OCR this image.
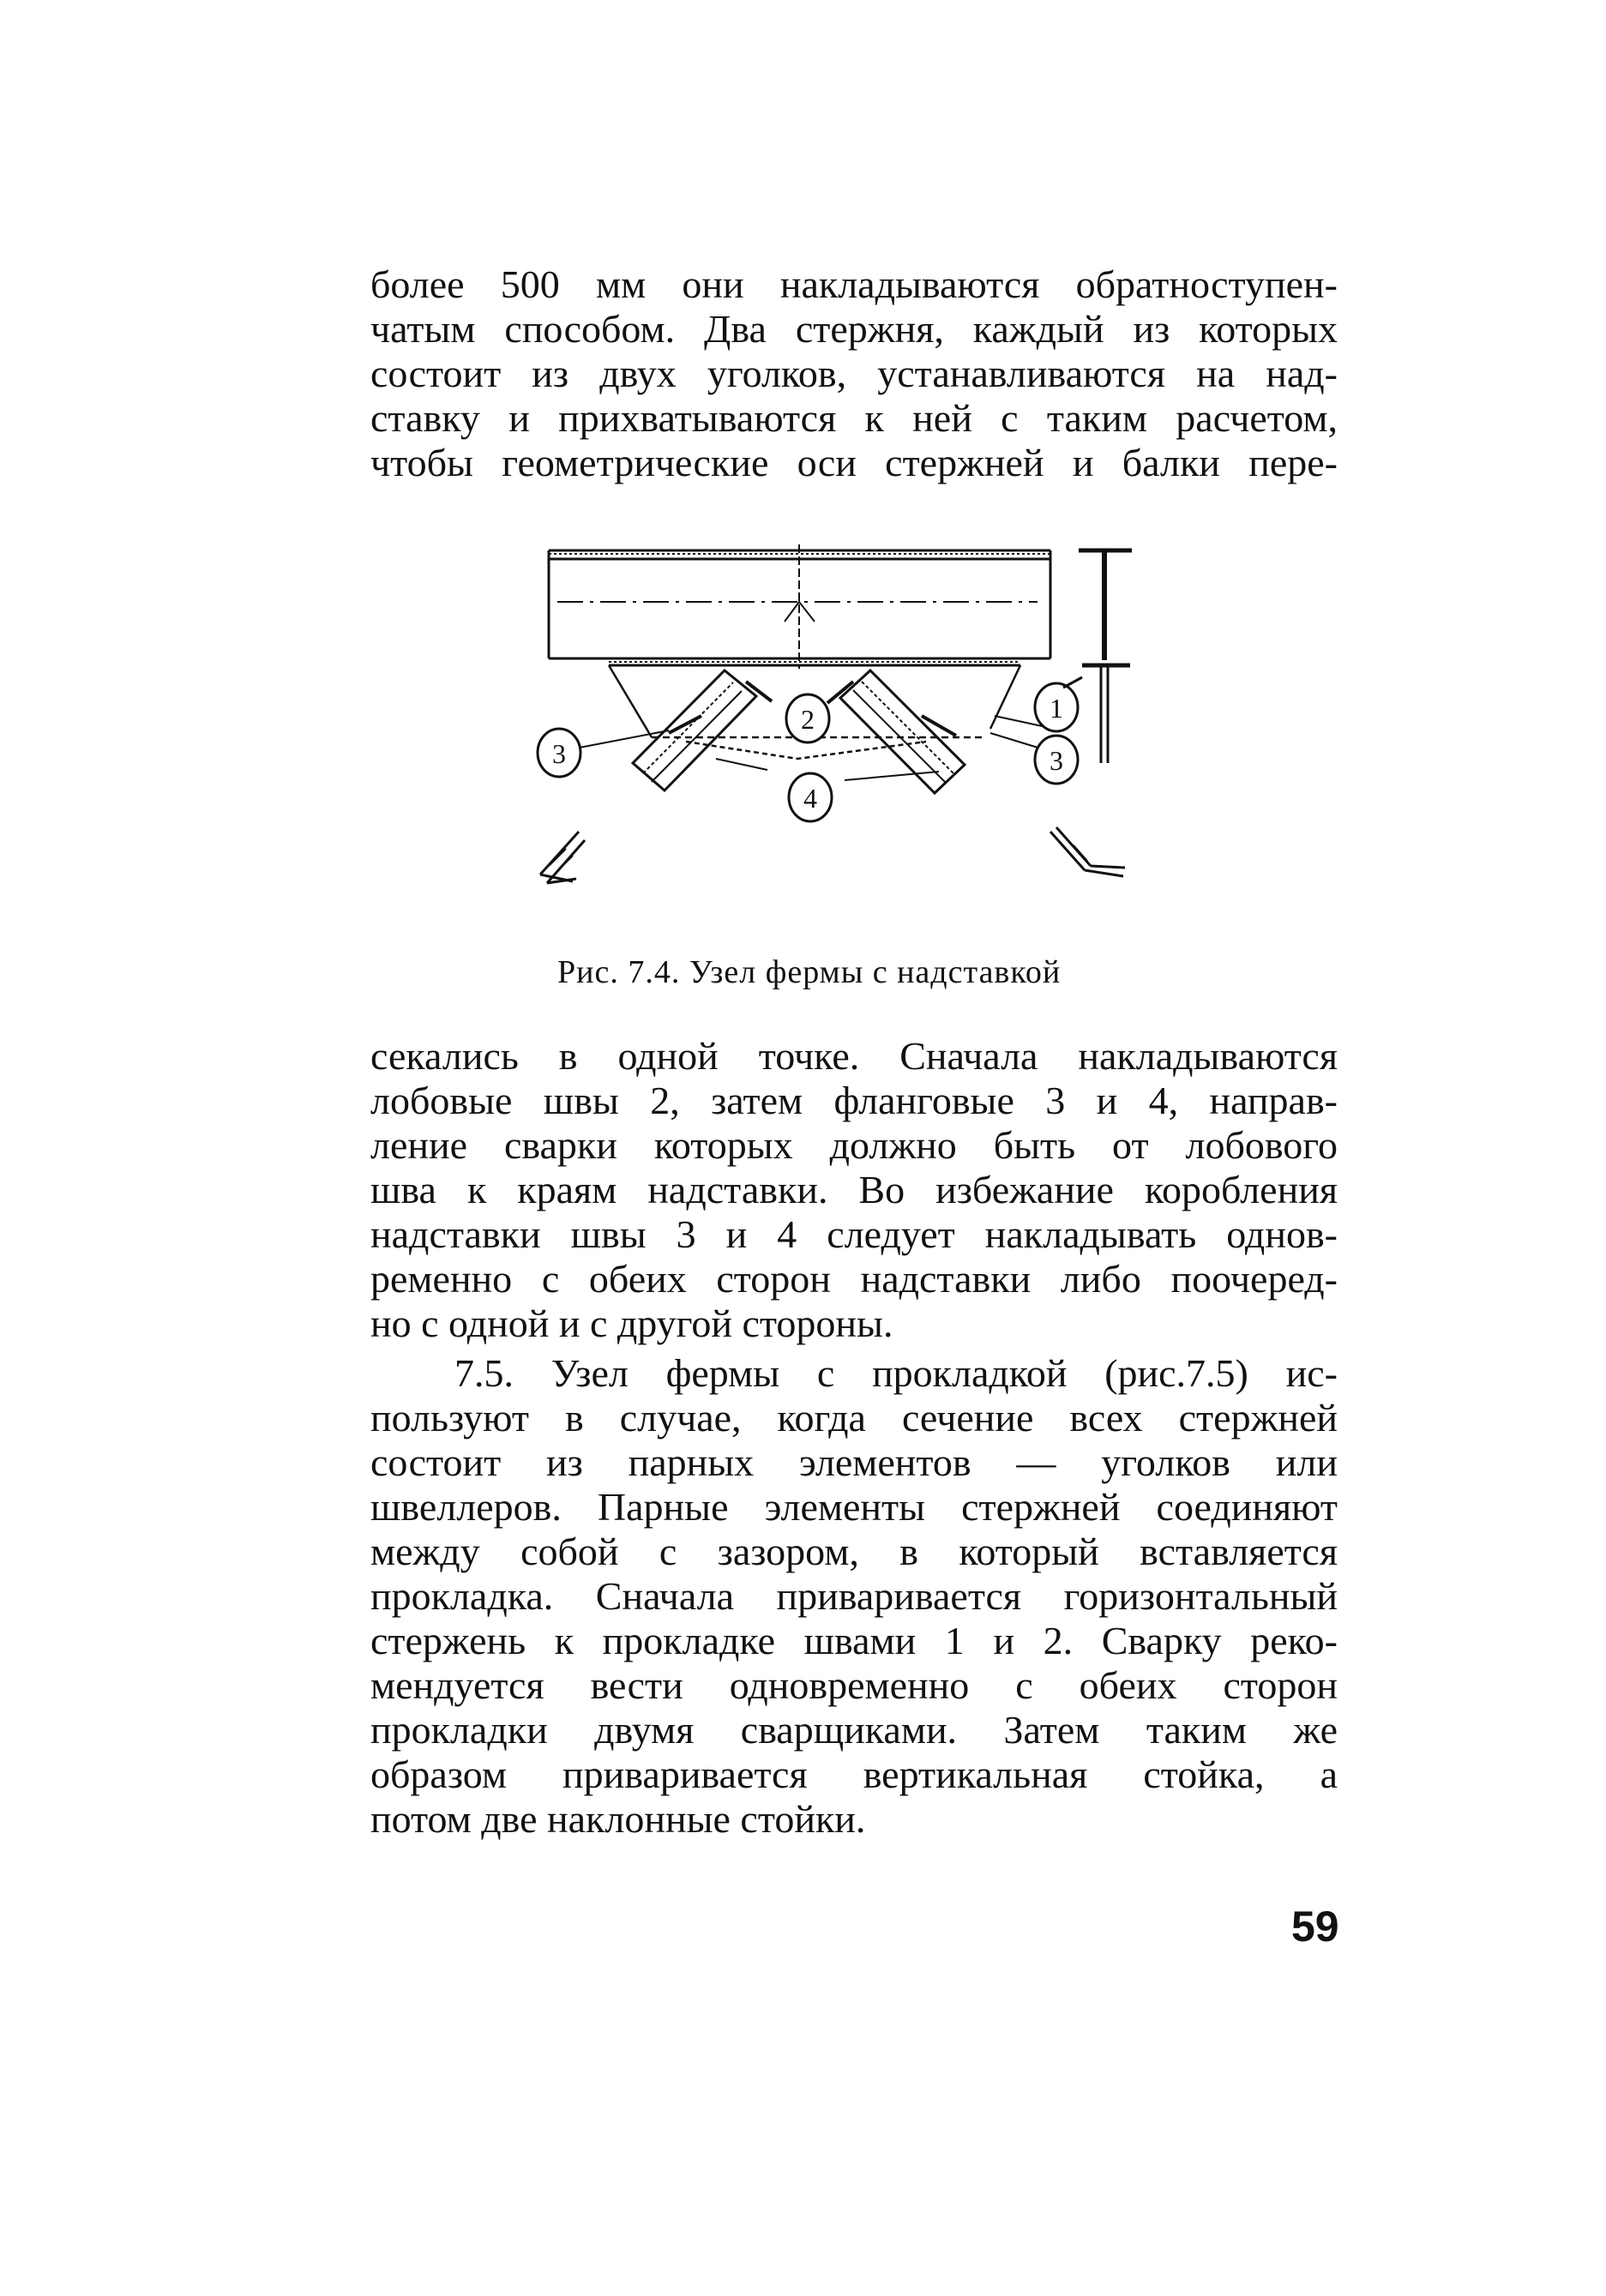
более 500 мм они накладываются обратноступен-
чатым способом. Два стержня, каждый из которых
состоит из двух уголков, устанавливаются на над-
ставку и прихватываются к ней с таким расчетом,
чтобы геометрические оси стержней и балки пере-
3
2
4
1
3
Рис. 7.4. Узел фермы с надставкой
секались в одной точке. Сначала накладываются
лобовые швы 2, затем фланговые 3 и 4, направ-
ление сварки которых должно быть от лобового
шва к краям надставки. Во избежание коробления
надставки швы 3 и 4 следует накладывать однов-
ременно с обеих сторон надставки либо поочеред-
но с одной и с другой стороны.
7.5. Узел фермы с прокладкой (рис.7.5) ис-
пользуют в случае, когда сечение всех стержней
состоит из парных элементов — уголков или
швеллеров. Парные элементы стержней соединяют
между собой с зазором, в который вставляется
прокладка. Сначала приваривается горизонтальный
стержень к прокладке швами 1 и 2. Сварку реко-
мендуется вести одновременно с обеих сторон
прокладки двумя сварщиками. Затем таким же
образом приваривается вертикальная стойка, а
потом две наклонные стойки.
59
